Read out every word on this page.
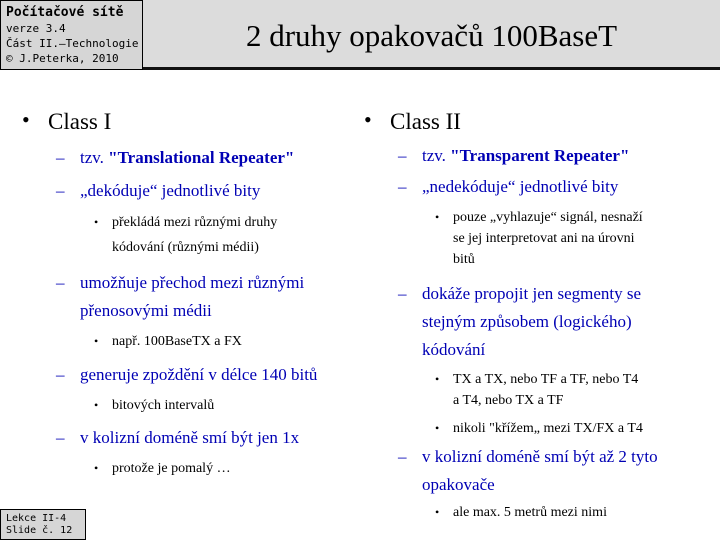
Počítačové sítě
verze 3.4
Část II.–Technologie
© J.Peterka, 2010
2 druhy opakovačů 100BaseT
• Class I
– tzv. "Translational Repeater"
– „dekóduje“ jednotlivé bity
• překládá mezi různými druhy
kódování (různými médii)
– umožňuje přechod mezi různými
přenosovými médii
• např. 100BaseTX a FX
– generuje zpoždění v délce 140 bitů
• bitových intervalů
– v kolizní doméně smí být jen 1x
• protože je pomalý …
• Class II
– tzv. "Transparent Repeater"
– „nedekóduje“ jednotlivé bity
• pouze „vyhlazuje“ signál, nesnaží
se jej interpretovat ani na úrovni
bitů
– dokáže propojit jen segmenty se
stejným způsobem (logického)
kódování
• TX a TX, nebo TF a TF, nebo T4
a T4, nebo TX a TF
• nikoli "křížem„ mezi TX/FX a T4
– v kolizní doméně smí být až 2 tyto
opakovače
• ale max. 5 metrů mezi nimi
Lekce II-4
Slide č. 12
